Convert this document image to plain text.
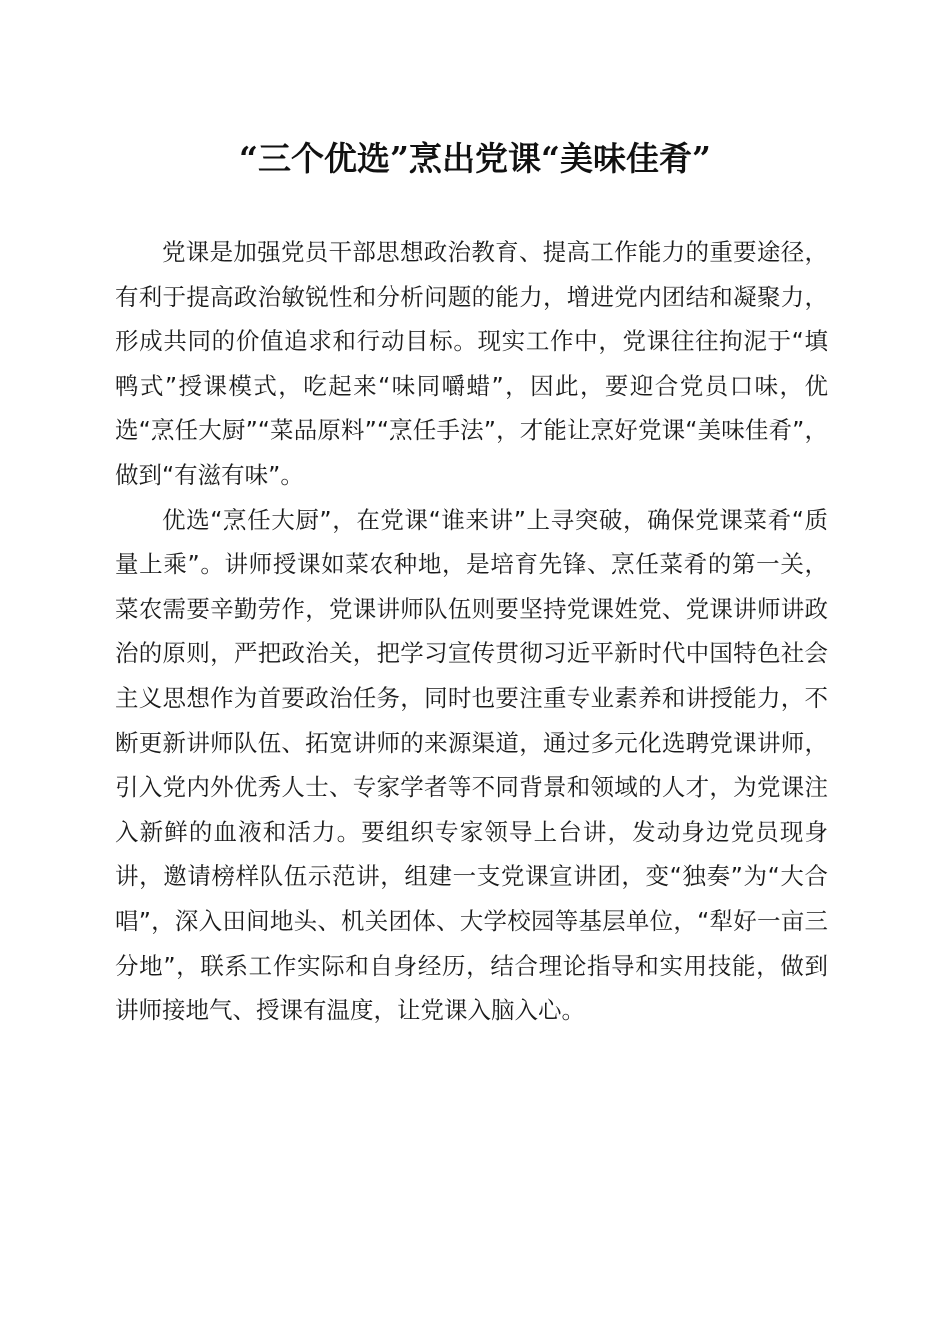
“三个优选”烹出党课“美味佳肴”

党课是加强党员干部思想政治教育、提高工作能力的重要途径，有利于提高政治敏锐性和分析问题的能力，增进党内团结和凝聚力，形成共同的价值追求和行动目标。现实工作中，党课往往拘泥于“填鸭式”授课模式，吃起来“味同嚼蜡”，因此，要迎合党员口味，优选“烹任大厨”“菜品原料”“烹任手法”，才能让烹好党课“美味佳肴”，做到“有滋有味”。

优选“烹任大厨”，在党课“谁来讲”上寻突破，确保党课菜肴“质量上乘”。讲师授课如菜农种地，是培育先锋、烹任菜肴的第一关，菜农需要辛勤劳作，党课讲师队伍则要坚持党课姓党、党课讲师讲政治的原则，严把政治关，把学习宣传贯彻习近平新时代中国特色社会主义思想作为首要政治任务，同时也要注重专业素养和讲授能力，不断更新讲师队伍、拓宽讲师的来源渠道，通过多元化选聘党课讲师，引入党内外优秀人士、专家学者等不同背景和领域的人才，为党课注入新鲜的血液和活力。要组织专家领导上台讲，发动身边党员现身讲，邀请榜样队伍示范讲，组建一支党课宣讲团，变“独奏”为“大合唱”，深入田间地头、机关团体、大学校园等基层单位，“犁好一亩三分地”，联系工作实际和自身经历，结合理论指导和实用技能，做到讲师接地气、授课有温度，让党课入脑入心。
